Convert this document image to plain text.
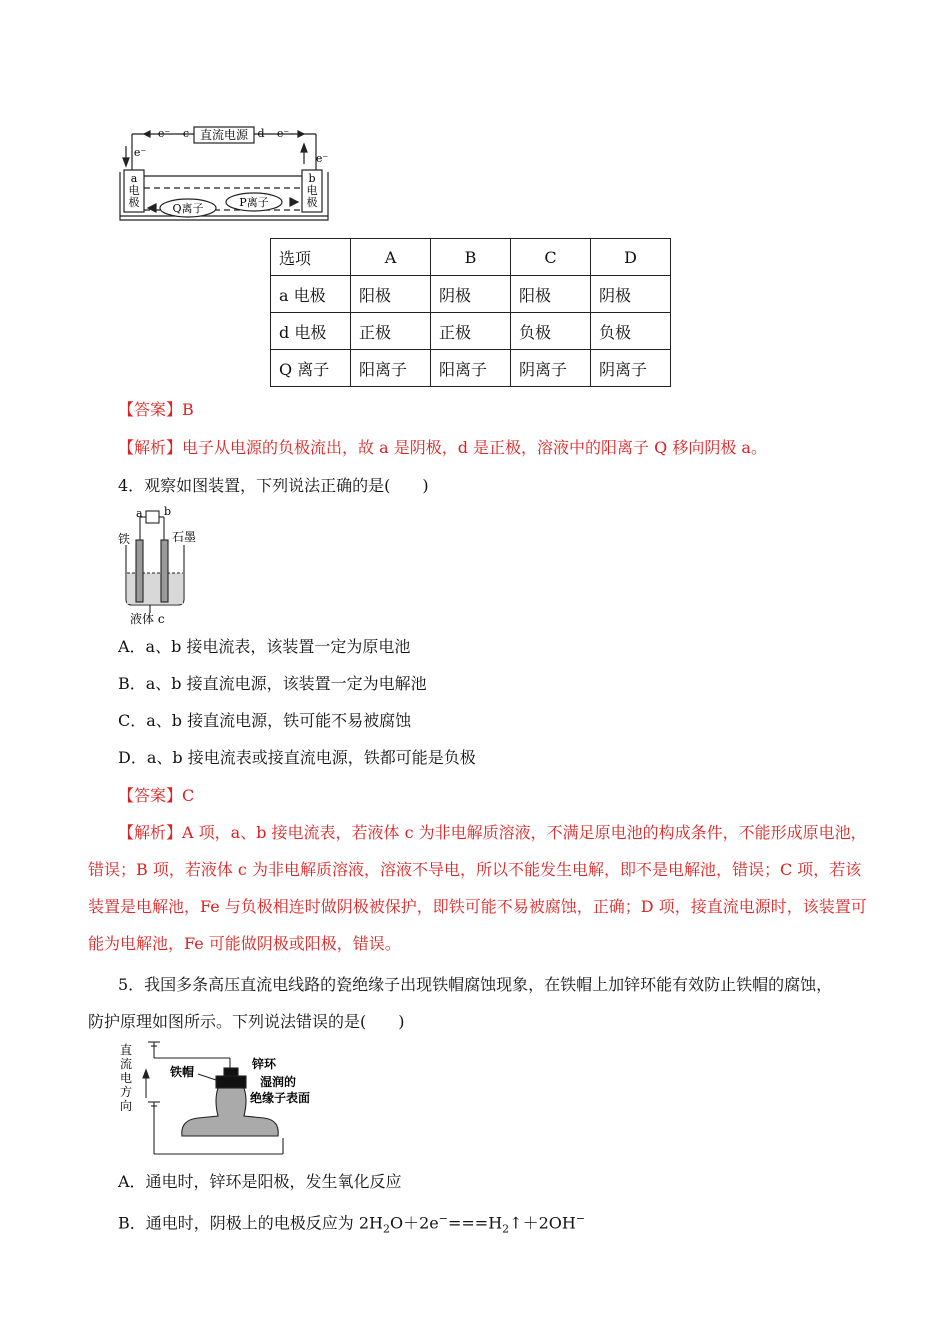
直流电源
c	d
e⁻	e⁻
e⁻	e⁻
a
电
极
b
电
极
Q离子	P离子
选项	A	B	C	D
a 电极	阳极	阴极	阳极	阴极
d 电极	正极	正极	负极	负极
Q 离子	阳离子	阳离子	阴离子	阴离子
【答案】B
【解析】电子从电源的负极流出，故 a 是阴极，d 是正极，溶液中的阳离子 Q 移向阴极 a。
4．观察如图装置，下列说法正确的是(　　)
a b
铁	石墨
液体 c
A．a、b 接电流表，该装置一定为原电池
B．a、b 接直流电源，该装置一定为电解池
C．a、b 接直流电源，铁可能不易被腐蚀
D．a、b 接电流表或接直流电源，铁都可能是负极
【答案】C
【解析】A 项，a、b 接电流表，若液体 c 为非电解质溶液，不满足原电池的构成条件，不能形成原电池，错误；B 项，若液体 c 为非电解质溶液，溶液不导电，所以不能发生电解，即不是电解池，错误；C 项，若该装置是电解池，Fe 与负极相连时做阴极被保护，即铁可能不易被腐蚀，正确；D 项，接直流电源时，该装置可能为电解池，Fe 可能做阴极或阳极，错误。
5．我国多条高压直流电线路的瓷绝缘子出现铁帽腐蚀现象，在铁帽上加锌环能有效防止铁帽的腐蚀，
防护原理如图所示。下列说法错误的是(　　)
直
流
电
方
向
铁帽
锌环
湿润的
绝缘子表面
A．通电时，锌环是阳极，发生氧化反应
B．通电时，阴极上的电极反应为 $2H_2O+2e^-===H_2↑+2OH^-$
